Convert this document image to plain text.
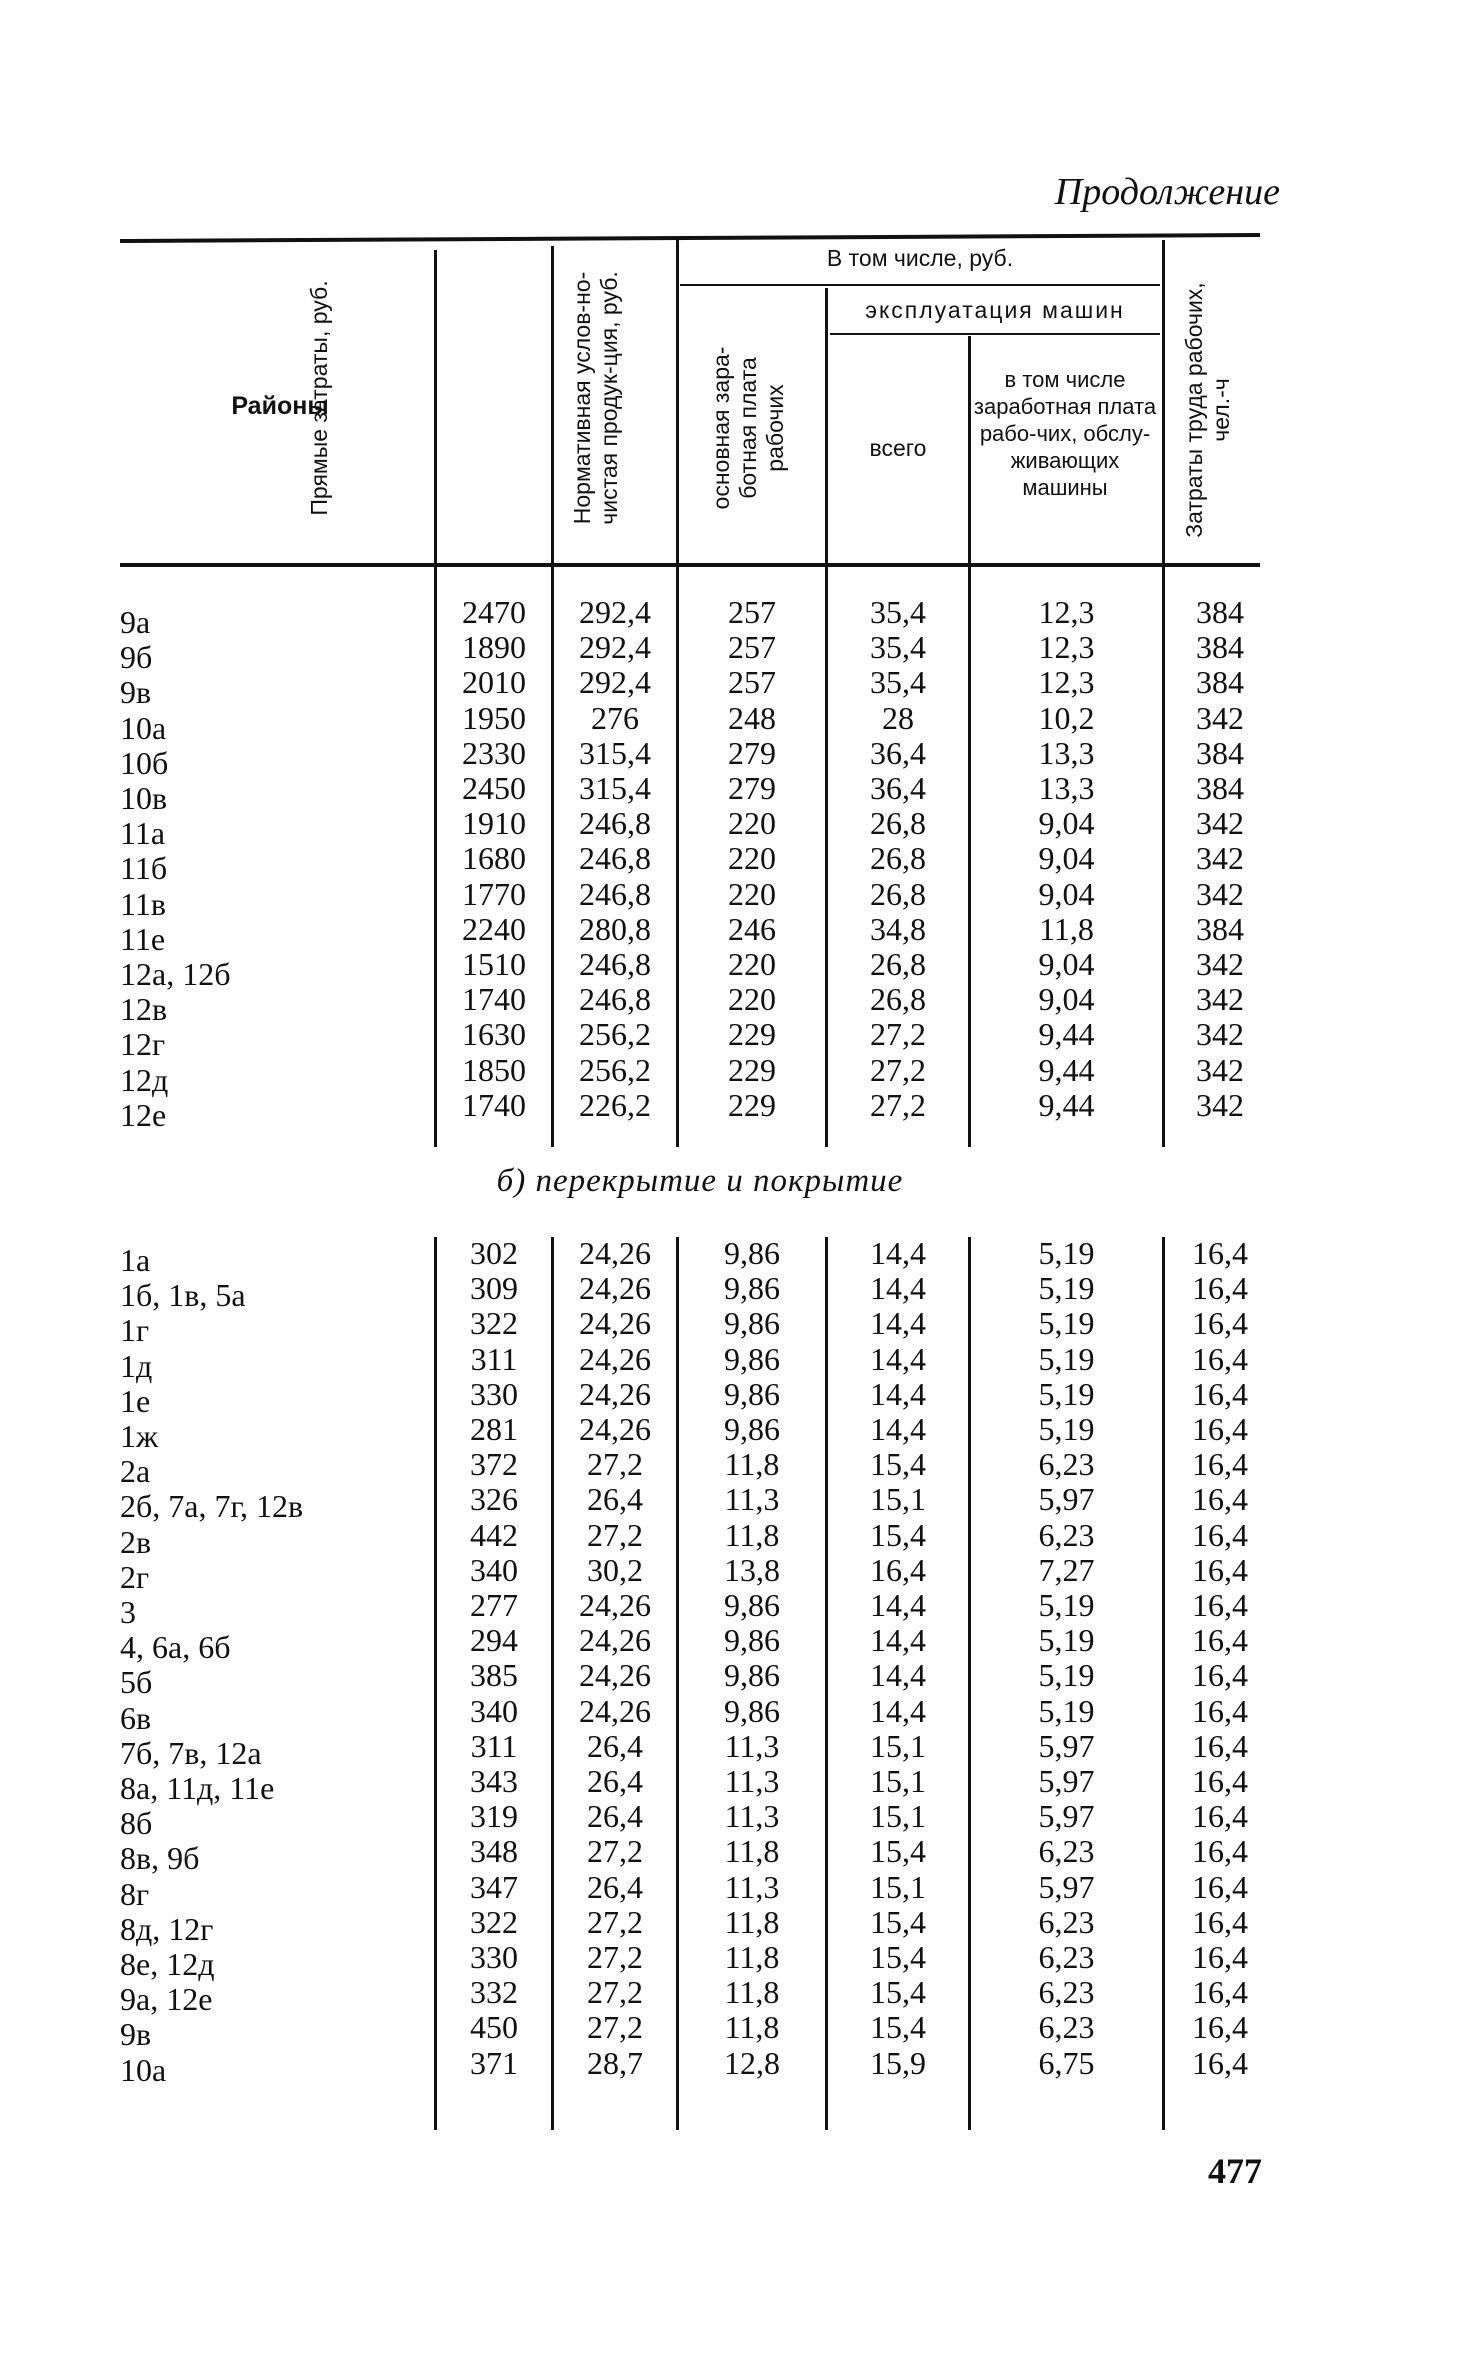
Продолжение
Районы
Прямые затраты, руб.	Нормативная услов-но-чистая продук-ция, руб.
В том числе, руб.
основная зара-ботная плата рабочих
эксплуатация машин
всего
в том числе заработная плата рабо-чих, обслу-живающих машины	Затраты труда рабочих, чел.-ч
9а
9б
9в
10а
10б
10в
11а
11б
11в
11е
12а, 12б
12в
12г
12д
12е
2470
1890
2010
1950
2330
2450
1910
1680
1770
2240
1510
1740
1630
1850
1740
292,4
292,4
292,4
276
315,4
315,4
246,8
246,8
246,8
280,8
246,8
246,8
256,2
256,2
226,2
257
257
257
248
279
279
220
220
220
246
220
220
229
229
229
35,4
35,4
35,4
28
36,4
36,4
26,8
26,8
26,8
34,8
26,8
26,8
27,2
27,2
27,2
12,3
12,3
12,3
10,2
13,3
13,3
9,04
9,04
9,04
11,8
9,04
9,04
9,44
9,44
9,44
384
384
384
342
384
384
342
342
342
384
342
342
342
342
342
б) перекрытие и покрытие
1а
1б, 1в, 5а
1г
1д
1е
1ж
2а
2б, 7а, 7г, 12в
2в
2г
3
4, 6а, 6б
5б
6в
7б, 7в, 12а
8а, 11д, 11е
8б
8в, 9б
8г
8д, 12г
8е, 12д
9а, 12е
9в
10а
302
309
322
311
330
281
372
326
442
340
277
294
385
340
311
343
319
348
347
322
330
332
450
371
24,26
24,26
24,26
24,26
24,26
24,26
27,2
26,4
27,2
30,2
24,26
24,26
24,26
24,26
26,4
26,4
26,4
27,2
26,4
27,2
27,2
27,2
27,2
28,7
9,86
9,86
9,86
9,86
9,86
9,86
11,8
11,3
11,8
13,8
9,86
9,86
9,86
9,86
11,3
11,3
11,3
11,8
11,3
11,8
11,8
11,8
11,8
12,8
14,4
14,4
14,4
14,4
14,4
14,4
15,4
15,1
15,4
16,4
14,4
14,4
14,4
14,4
15,1
15,1
15,1
15,4
15,1
15,4
15,4
15,4
15,4
15,9
5,19
5,19
5,19
5,19
5,19
5,19
6,23
5,97
6,23
7,27
5,19
5,19
5,19
5,19
5,97
5,97
5,97
6,23
5,97
6,23
6,23
6,23
6,23
6,75
16,4
16,4
16,4
16,4
16,4
16,4
16,4
16,4
16,4
16,4
16,4
16,4
16,4
16,4
16,4
16,4
16,4
16,4
16,4
16,4
16,4
16,4
16,4
16,4
477
